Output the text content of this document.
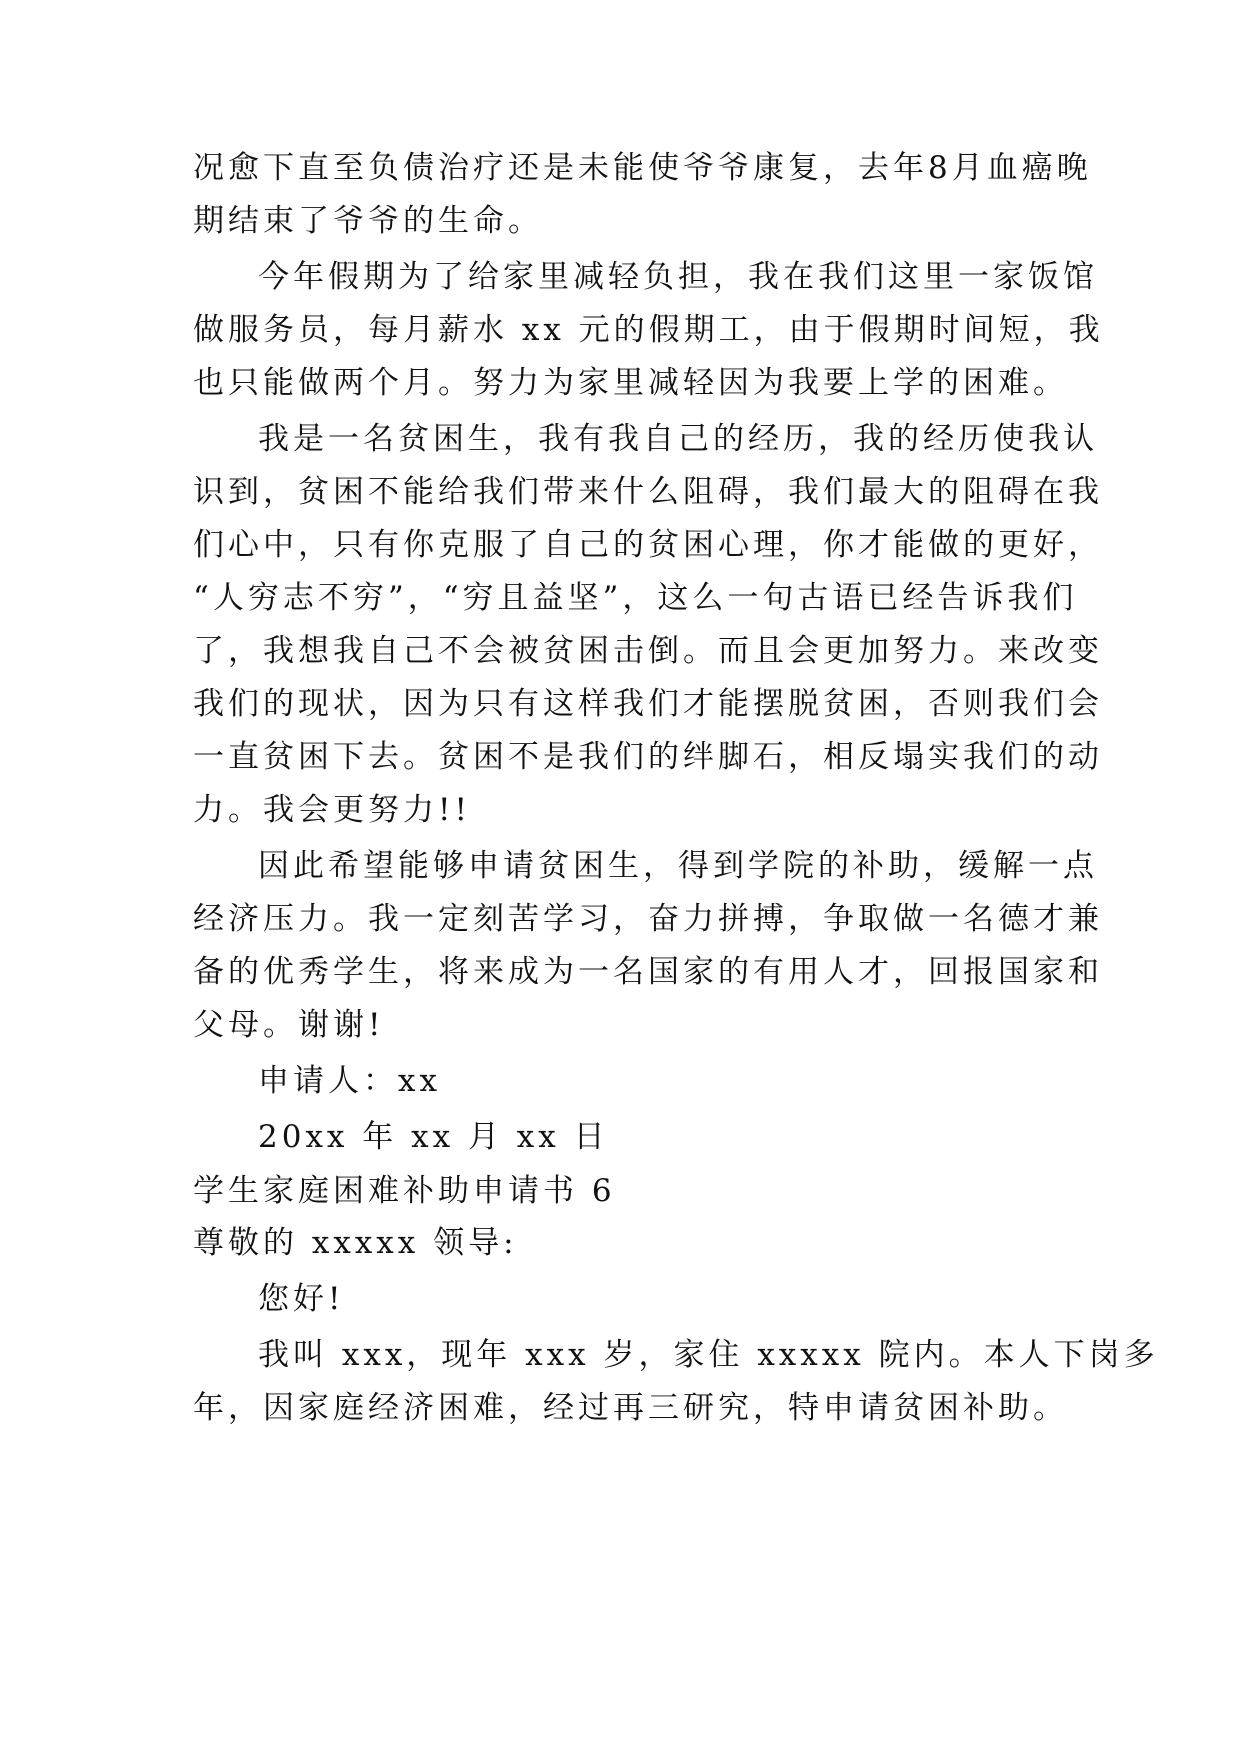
况愈下直至负债治疗还是未能使爷爷康复，去年8月血癌晚
期结束了爷爷的生命。
今年假期为了给家里减轻负担，我在我们这里一家饭馆
做服务员，每月薪水 xx 元的假期工，由于假期时间短，我
也只能做两个月。努力为家里减轻因为我要上学的困难。
我是一名贫困生，我有我自己的经历，我的经历使我认
识到，贫困不能给我们带来什么阻碍，我们最大的阻碍在我
们心中，只有你克服了自己的贫困心理，你才能做的更好，
“人穷志不穷”，“穷且益坚”，这么一句古语已经告诉我们
了，我想我自己不会被贫困击倒。而且会更加努力。来改变
我们的现状，因为只有这样我们才能摆脱贫困，否则我们会
一直贫困下去。贫困不是我们的绊脚石，相反塌实我们的动
力。我会更努力!!
因此希望能够申请贫困生，得到学院的补助，缓解一点
经济压力。我一定刻苦学习，奋力拼搏，争取做一名德才兼
备的优秀学生，将来成为一名国家的有用人才，回报国家和
父母。谢谢!
申请人：xx
20xx 年 xx 月 xx 日
学生家庭困难补助申请书 6
尊敬的 xxxxx 领导:
您好!
我叫 xxx，现年 xxx 岁，家住 xxxxx 院内。本人下岗多
年，因家庭经济困难，经过再三研究，特申请贫困补助。
